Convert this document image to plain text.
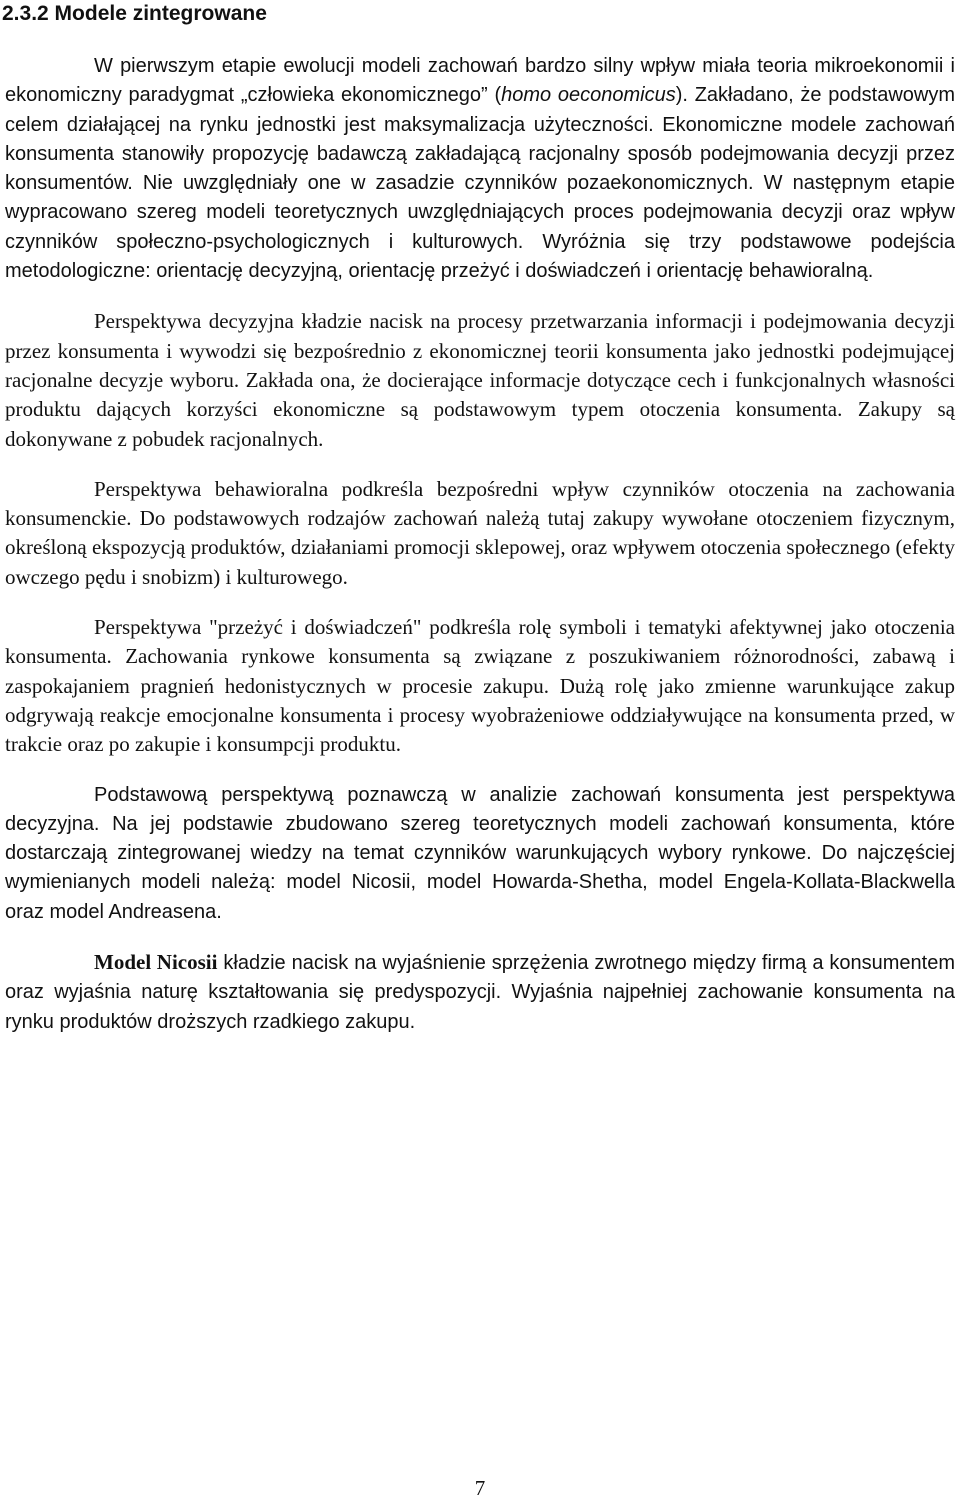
2.3.2 Modele zintegrowane

W pierwszym etapie ewolucji modeli zachowań bardzo silny wpływ miała teoria mikroekonomii i ekonomiczny paradygmat „człowieka ekonomicznego” (homo oeconomicus). Zakładano, że podstawowym celem działającej na rynku jednostki jest maksymalizacja użyteczności. Ekonomiczne modele zachowań konsumenta stanowiły propozycję badawczą zakładającą racjonalny sposób podejmowania decyzji przez konsumentów. Nie uwzględniały one w zasadzie czynników pozaekonomicznych. W następnym etapie wypracowano szereg modeli teoretycznych uwzględniających proces podejmowania decyzji oraz wpływ czynników społeczno-psychologicznych i kulturowych. Wyróżnia się trzy podstawowe podejścia metodologiczne: orientację decyzyjną, orientację przeżyć i doświadczeń i orientację behawioralną.

Perspektywa decyzyjna kładzie nacisk na procesy przetwarzania informacji i podejmowania decyzji przez konsumenta i wywodzi się bezpośrednio z ekonomicznej teorii konsumenta jako jednostki podejmującej racjonalne decyzje wyboru. Zakłada ona, że docierające informacje dotyczące cech i funkcjonalnych własności produktu dających korzyści ekonomiczne są podstawowym typem otoczenia konsumenta. Zakupy są dokonywane z pobudek racjonalnych.

Perspektywa behawioralna podkreśla bezpośredni wpływ czynników otoczenia na zachowania konsumenckie. Do podstawowych rodzajów zachowań należą tutaj zakupy wywołane otoczeniem fizycznym, określoną ekspozycją produktów, działaniami promocji sklepowej, oraz wpływem otoczenia społecznego (efekty owczego pędu i snobizm) i kulturowego.

Perspektywa "przeżyć i doświadczeń" podkreśla rolę symboli i tematyki afektywnej jako otoczenia konsumenta. Zachowania rynkowe konsumenta są związane z poszukiwaniem różnorodności, zabawą i zaspokajaniem pragnień hedonistycznych w procesie zakupu. Dużą rolę jako zmienne warunkujące zakup odgrywają reakcje emocjonalne konsumenta i procesy wyobrażeniowe oddziaływujące na konsumenta przed, w trakcie oraz po zakupie i konsumpcji produktu.

Podstawową perspektywą poznawczą w analizie zachowań konsumenta jest perspektywa decyzyjna. Na jej podstawie zbudowano szereg teoretycznych modeli zachowań konsumenta, które dostarczają zintegrowanej wiedzy na temat czynników warunkujących wybory rynkowe. Do najczęściej wymienianych modeli należą: model Nicosii, model Howarda-Shetha, model Engela-Kollata-Blackwella oraz model Andreasena.

Model Nicosii kładzie nacisk na wyjaśnienie sprzężenia zwrotnego między firmą a konsumentem oraz wyjaśnia naturę kształtowania się predyspozycji. Wyjaśnia najpełniej zachowanie konsumenta na rynku produktów droższych rzadkiego zakupu.

7
